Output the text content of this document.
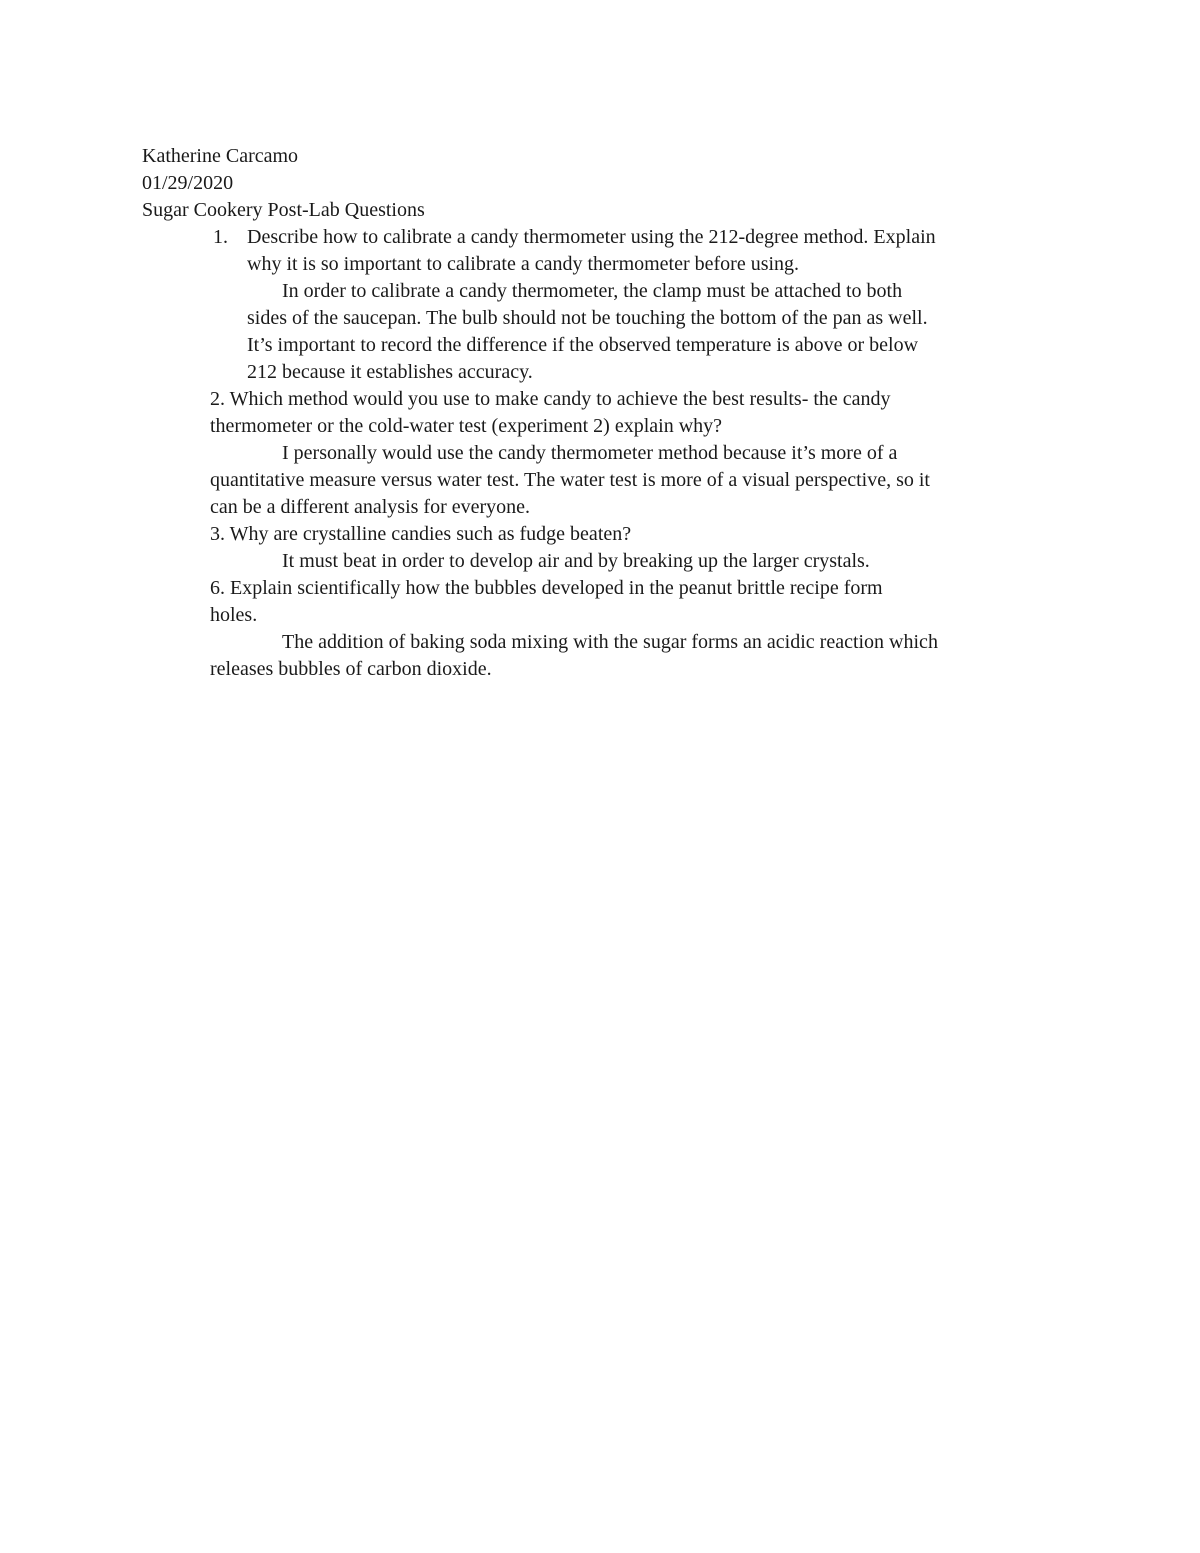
Katherine Carcamo

01/29/2020

Sugar Cookery Post-Lab Questions

1. Describe how to calibrate a candy thermometer using the 212-degree method. Explain

why it is so important to calibrate a candy thermometer before using.

In order to calibrate a candy thermometer, the clamp must be attached to both

sides of the saucepan. The bulb should not be touching the bottom of the pan as well.

It’s important to record the difference if the observed temperature is above or below

212 because it establishes accuracy.

2. Which method would you use to make candy to achieve the best results- the candy

thermometer or the cold-water test (experiment 2) explain why?

I personally would use the candy thermometer method because it’s more of a

quantitative measure versus water test. The water test is more of a visual perspective, so it

can be a different analysis for everyone.

3. Why are crystalline candies such as fudge beaten?

It must beat in order to develop air and by breaking up the larger crystals.

6. Explain scientifically how the bubbles developed in the peanut brittle recipe form

holes.

The addition of baking soda mixing with the sugar forms an acidic reaction which

releases bubbles of carbon dioxide.
